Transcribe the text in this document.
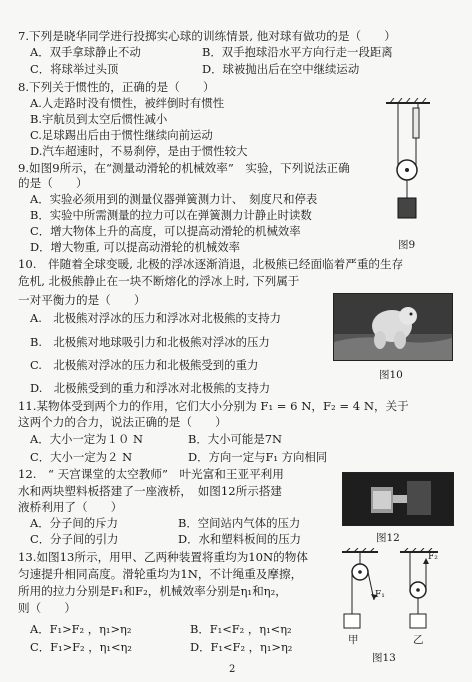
7.下列是晓华同学进行投掷实心球的训练情景, 他对球有做功的是（　　）
A．双手拿球静止不动	B．双手抱球沿水平方向行走一段距离
C．将球举过头顶	D．球被抛出后在空中继续运动
8.下列关于惯性的，正确的是（　　）
A.人走路时没有惯性，被绊倒时有惯性
B.宇航员到太空后惯性减小
C.足球踢出后由于惯性继续向前运动
D.汽车超速时，不易刹停，是由于惯性较大
图9
9.如图9所示，在“测量动滑轮的机械效率”　实验，下列说法正确
的是（　　）
A．实验必须用到的测量仪器弹簧测力计、　刻度尺和停表
B．实验中所需测量的拉力可以在弹簧测力计静止时读数
C．增大物体上升的高度，可以提高动滑轮的机械效率
D．增大物重, 可以提高动滑轮的机械效率
10.　伴随着全球变暖, 北极的浮冰逐渐消退，北极熊已经面临着严重的生存
危机, 北极熊静止在一块不断熔化的浮冰上时, 下列属于
一对平衡力的是（　　）
A.　北极熊对浮冰的压力和浮冰对北极熊的支持力
B.　北极熊对地球吸引力和北极熊对浮冰的压力
C.　北极熊对浮冰的压力和北极熊受到的重力
D.　北极熊受到的重力和浮冰对北极熊的支持力
图10
11.某物体受到两个力的作用，它们大小分别为 F₁ = 6 N，F₂ = 4 N，关于
这两个力的合力，说法正确的是（　　）
A．大小一定为１０ N	B．大小可能是7N
C．大小一定为２ N	D．方向一定与F₁ 方向相同
12.　“ 天宫课堂的太空教师”　叶光富和王亚平利用
水和两块塑料板搭建了一座液桥，　如图12所示搭建
液桥利用了（　　）
A．分子间的斥力	B．空间站内气体的压力
C．分子间的引力	D．水和塑料板间的压力	图12
13.如图13所示，用甲、乙两种装置将重均为10N的物体
匀速提升相同高度。滑轮重均为1N，不计绳重及摩擦，
所用的拉力分别是F₁和F₂，机械效率分别是η₁和η₂，
则（　　）
A．F₁>F₂ ，η₁>η₂	B．F₁<F₂ ，η₁<η₂
C．F₁>F₂ ，η₁<η₂	D．F₁<F₂ ，η₁>η₂
F₁
F₂
甲	乙
图13
2
